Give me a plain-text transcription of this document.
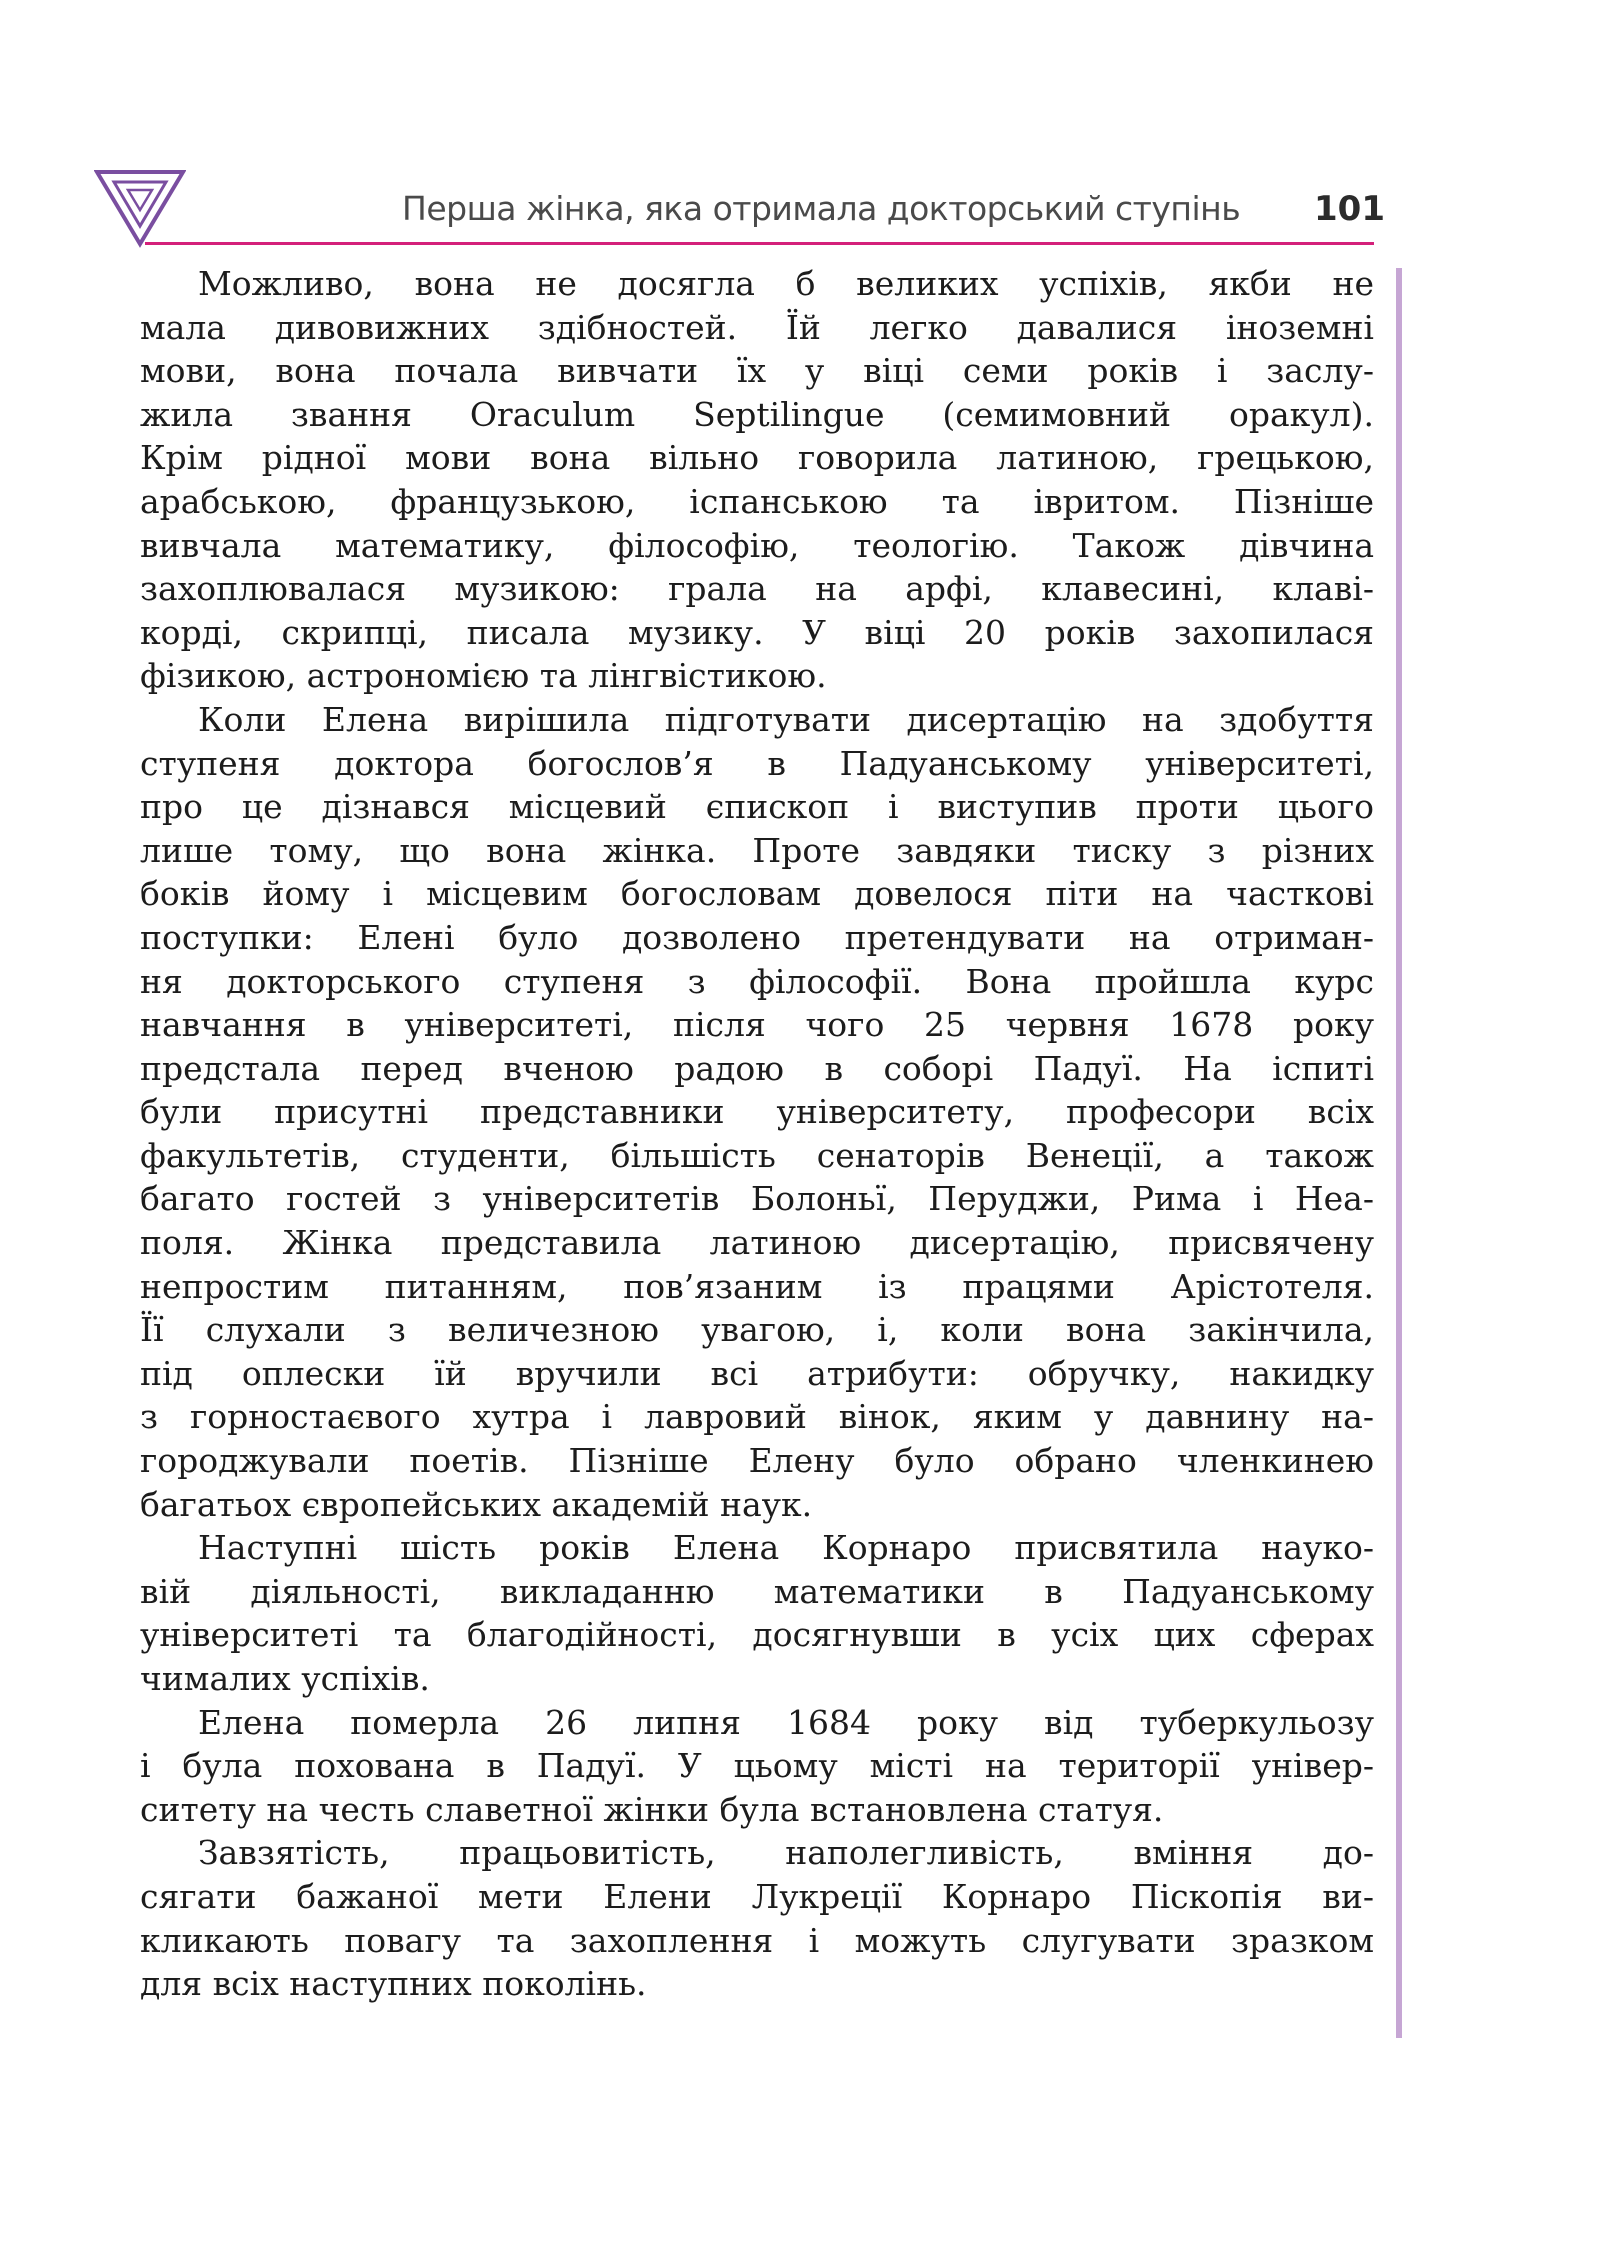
Перша жінка, яка отримала докторський ступінь 101
Можливо, вона не досягла б великих успіхів, якби не
мала дивовижних здібностей. Їй легко давалися іноземні
мови, вона почала вивчати їх у віці семи років і заслу-
жила звання Oraculum Septilingue (семимовний оракул).
Крім рідної мови вона вільно говорила латиною, грецькою,
арабською, французькою, іспанською та івритом. Пізніше
вивчала математику, філософію, теологію. Також дівчина
захоплювалася музикою: грала на арфі, клавесині, клаві-
корді, скрипці, писала музику. У віці 20 років захопилася
фізикою, астрономією та лінгвістикою.
Коли Елена вирішила підготувати дисертацію на здобуття
ступеня доктора богослов’я в Падуанському університеті,
про це дізнався місцевий єпископ і виступив проти цього
лише тому, що вона жінка. Проте завдяки тиску з різних
боків йому і місцевим богословам довелося піти на часткові
поступки: Елені було дозволено претендувати на отриман-
ня докторського ступеня з філософії. Вона пройшла курс
навчання в університеті, після чого 25 червня 1678 року
предстала перед вченою радою в соборі Падуї. На іспиті
були присутні представники університету, професори всіх
факультетів, студенти, більшість сенаторів Венеції, а також
багато гостей з університетів Болоньї, Перуджи, Рима і Неа-
поля. Жінка представила латиною дисертацію, присвячену
непростим питанням, пов’язаним із працями Арістотеля.
Її слухали з величезною увагою, і, коли вона закінчила,
під оплески їй вручили всі атрибути: обручку, накидку
з горностаєвого хутра і лавровий вінок, яким у давнину на-
городжували поетів. Пізніше Елену було обрано членкинею
багатьох європейських академій наук.
Наступні шість років Елена Корнаро присвятила науко-
вій діяльності, викладанню математики в Падуанському
університеті та благодійності, досягнувши в усіх цих сферах
чималих успіхів.
Елена померла 26 липня 1684 року від туберкульозу
і була похована в Падуї. У цьому місті на території універ-
ситету на честь славетної жінки була встановлена статуя.
Завзятість, працьовитість, наполегливість, вміння до-
сягати бажаної мети Елени Лукреції Корнаро Піскопія ви-
кликають повагу та захоплення і можуть слугувати зразком
для всіх наступних поколінь.
